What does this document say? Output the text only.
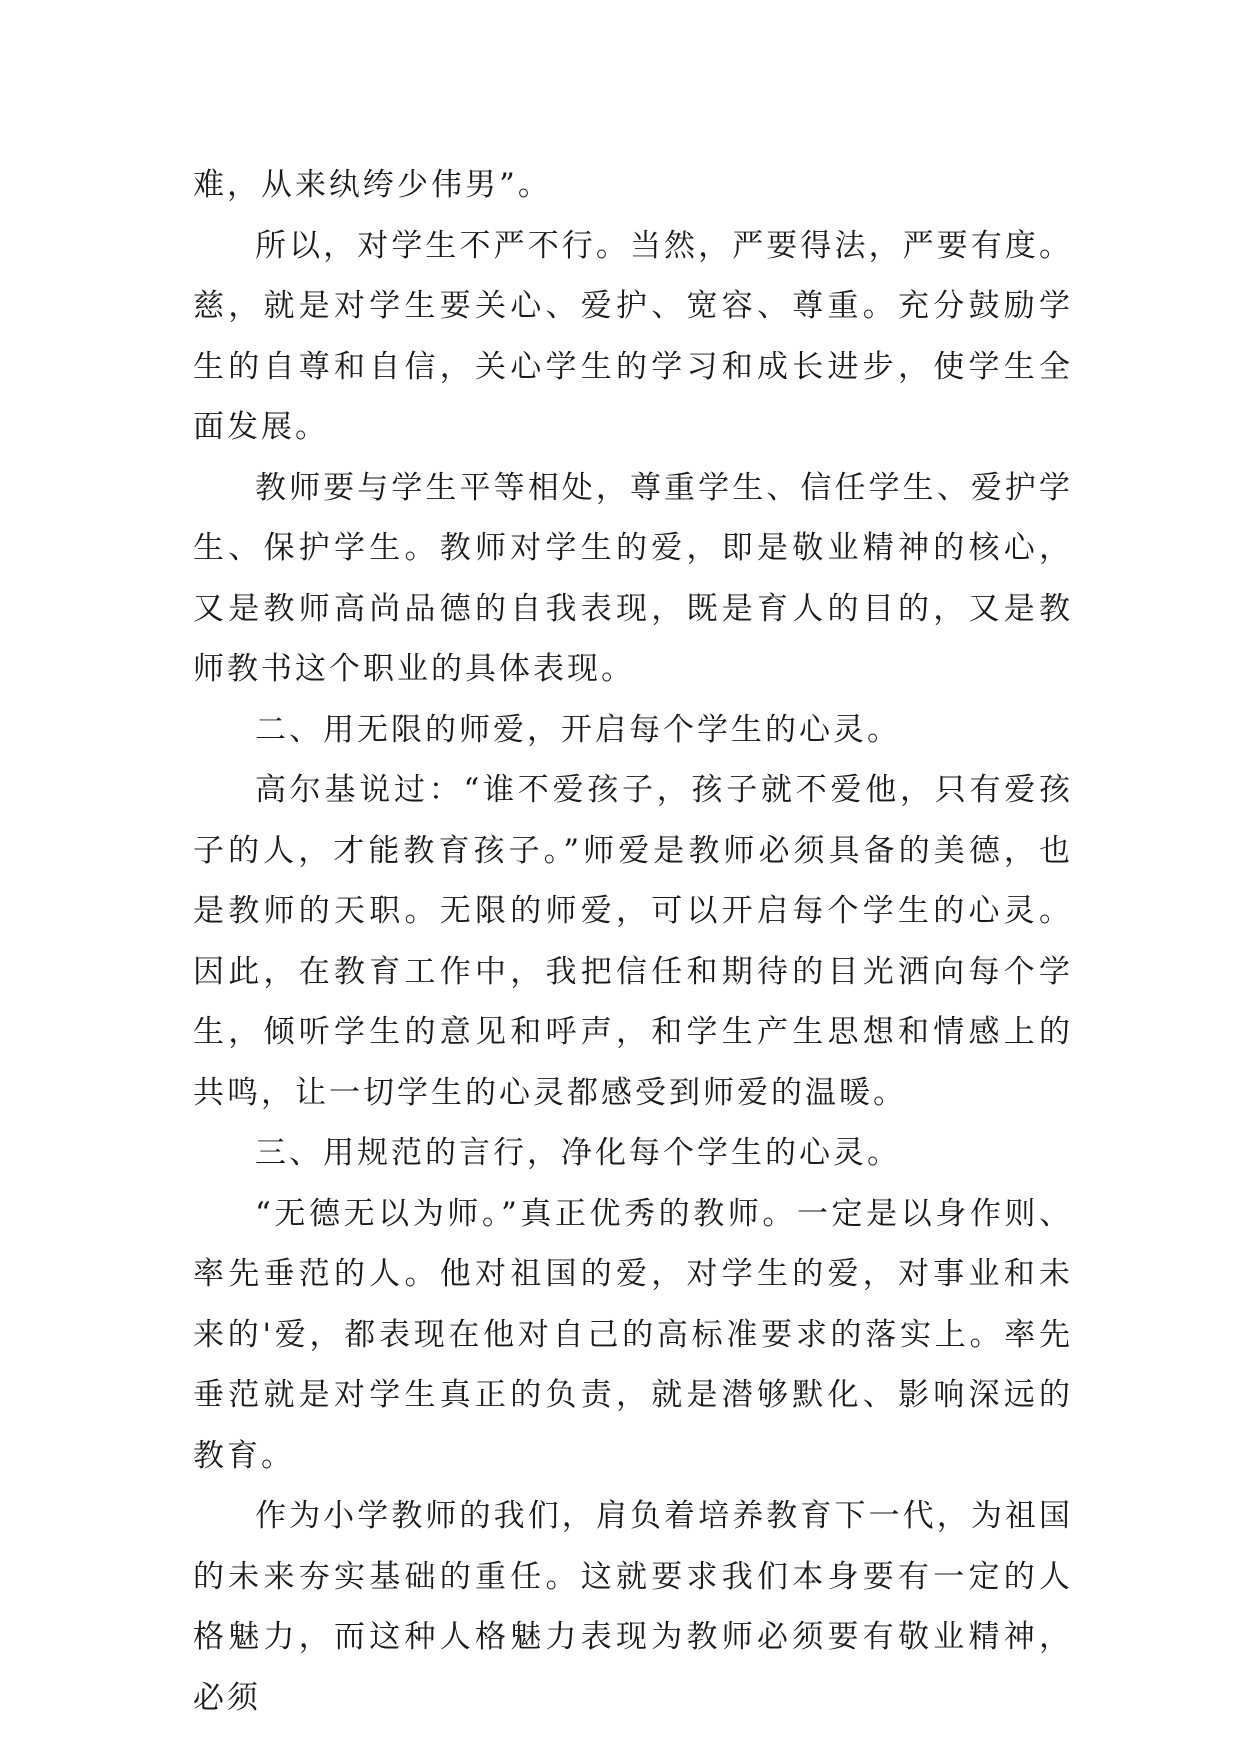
难，从来纨绔少伟男”。

所以，对学生不严不行。当然，严要得法，严要有度。慈，就是对学生要关心、爱护、宽容、尊重。充分鼓励学生的自尊和自信，关心学生的学习和成长进步，使学生全面发展。

教师要与学生平等相处，尊重学生、信任学生、爱护学生、保护学生。教师对学生的爱，即是敬业精神的核心，又是教师高尚品德的自我表现，既是育人的目的，又是教师教书这个职业的具体表现。

二、用无限的师爱，开启每个学生的心灵。

高尔基说过：“谁不爱孩子，孩子就不爱他，只有爱孩子的人，才能教育孩子。”师爱是教师必须具备的美德，也是教师的天职。无限的师爱，可以开启每个学生的心灵。因此，在教育工作中，我把信任和期待的目光洒向每个学生，倾听学生的意见和呼声，和学生产生思想和情感上的共鸣，让一切学生的心灵都感受到师爱的温暖。

三、用规范的言行，净化每个学生的心灵。

“无德无以为师。”真正优秀的教师。一定是以身作则、率先垂范的人。他对祖国的爱，对学生的爱，对事业和未来的'爱，都表现在他对自己的高标准要求的落实上。率先垂范就是对学生真正的负责，就是潜够默化、影响深远的教育。

作为小学教师的我们，肩负着培养教育下一代，为祖国的未来夯实基础的重任。这就要求我们本身要有一定的人格魅力，而这种人格魅力表现为教师必须要有敬业精神，必须
